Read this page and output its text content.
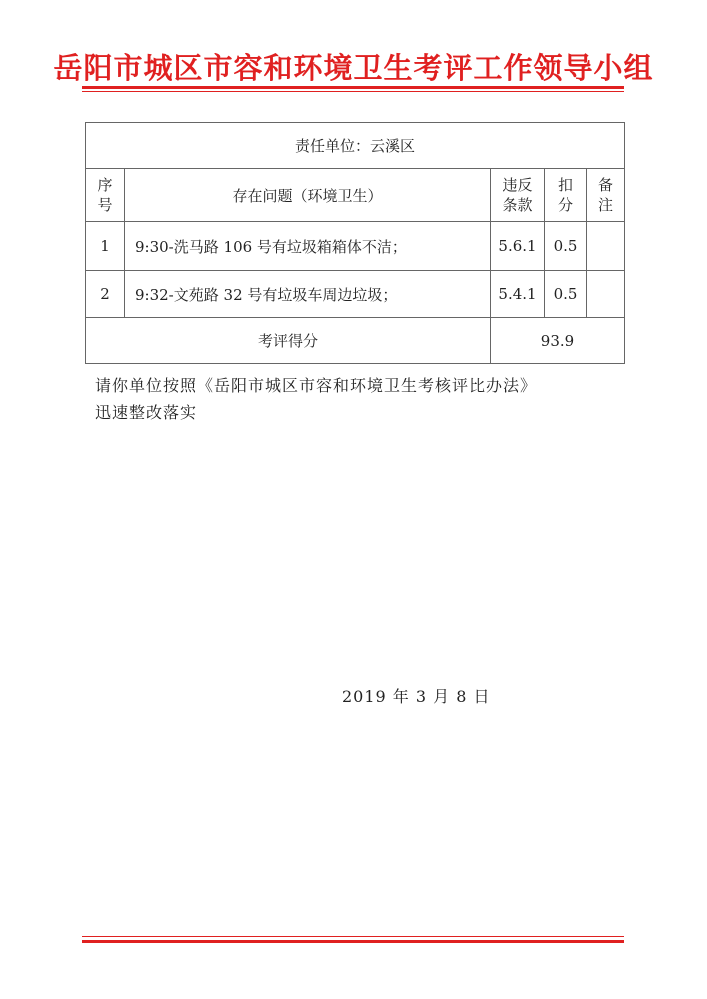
岳阳市城区市容和环境卫生考评工作领导小组
责任单位：云溪区				
序号	存在问题（环境卫生）	违反条款	扣分	备注
1	9:30-洗马路 106 号有垃圾箱箱体不洁；	5.6.1	0.5	
2	9:32-文苑路 32 号有垃圾车周边垃圾；	5.4.1	0.5	
考评得分		93.9		
请你单位按照《岳阳市城区市容和环境卫生考核评比办法》
迅速整改落实
2019 年 3 月 8 日
